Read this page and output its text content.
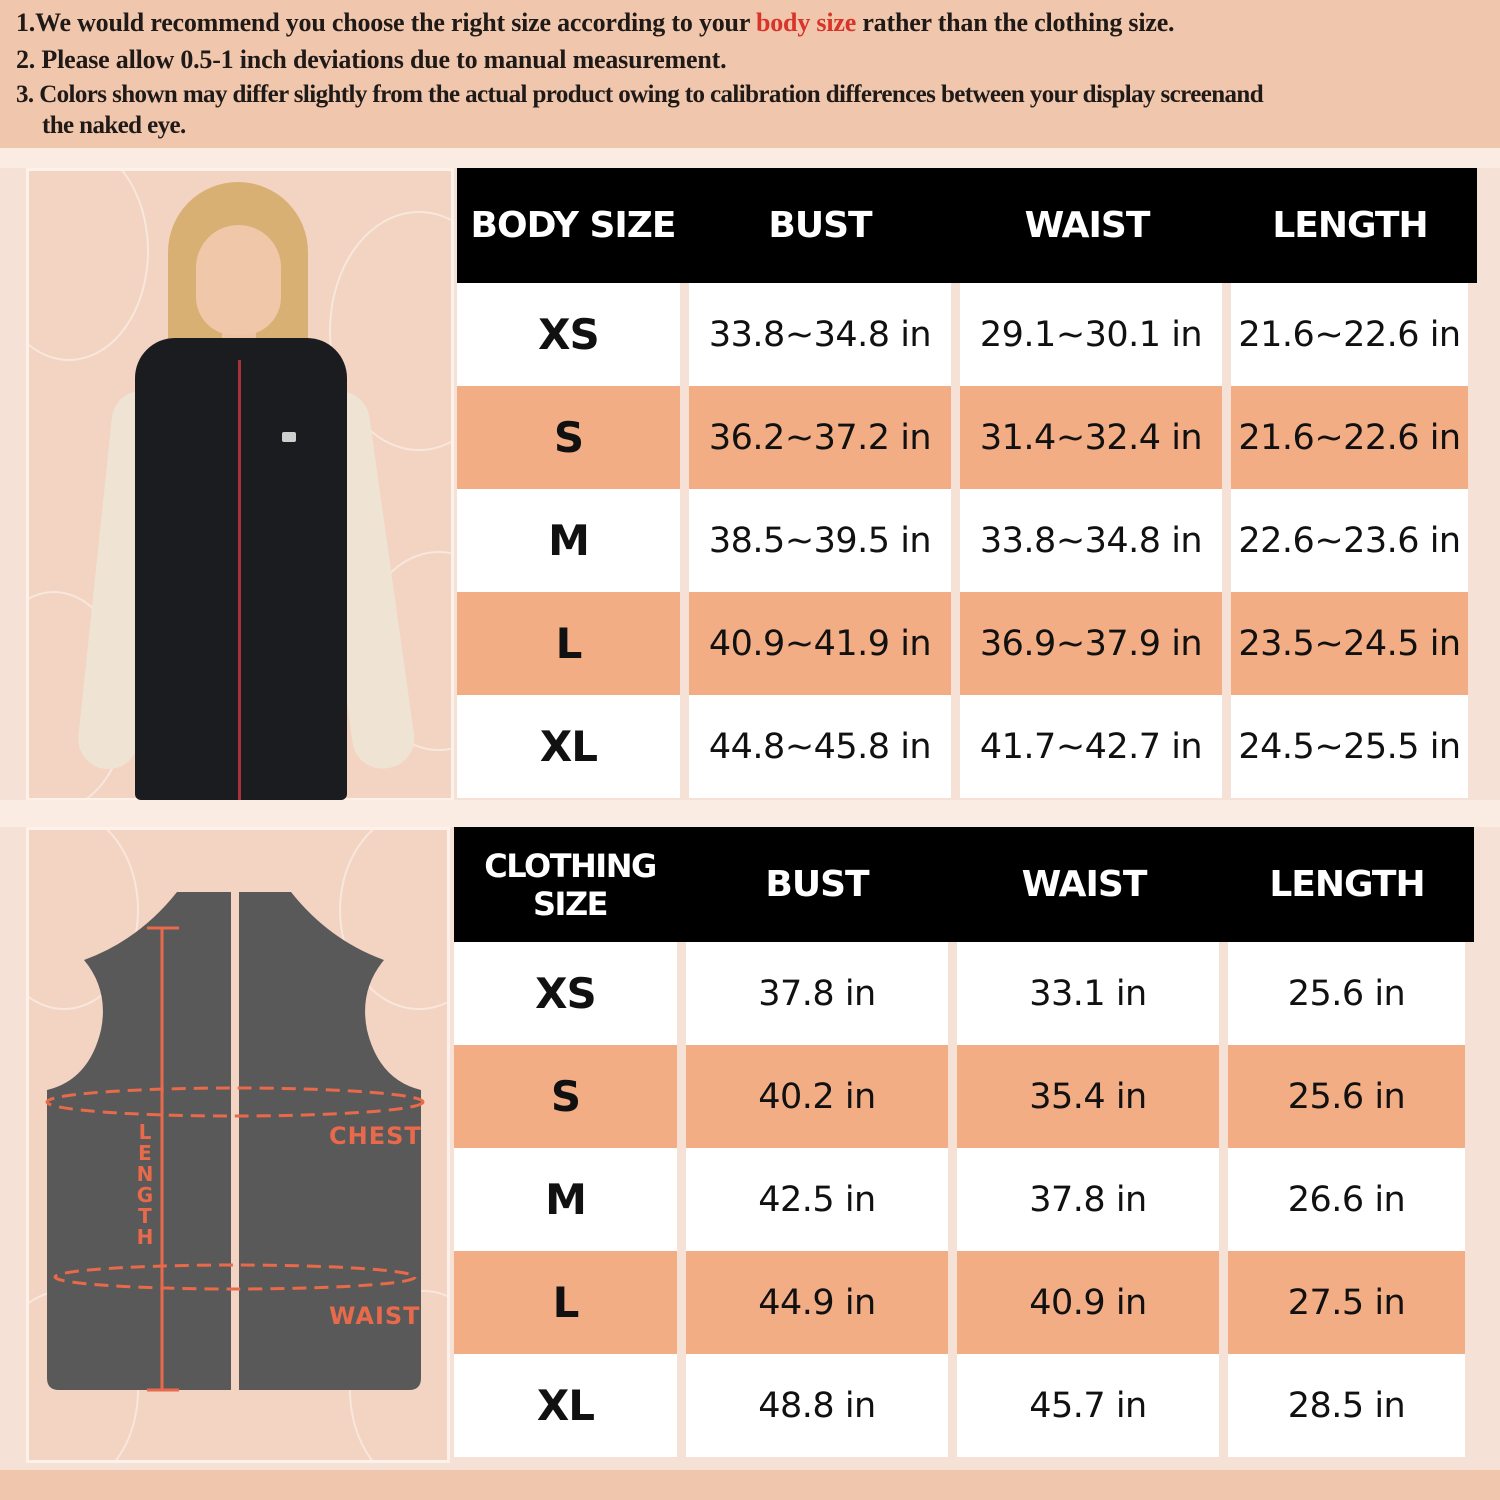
1.We would recommend you choose the right size according to your body size rather than the clothing size.
2. Please allow 0.5-1 inch deviations due to manual measurement.
3. Colors shown may differ slightly from the actual product owing to calibration differences between your display screenand
the naked eye.
BODY SIZE	BUST	WAIST	LENGTH
XS	33.8~34.8 in	29.1~30.1 in	21.6~22.6 in
S	36.2~37.2 in	31.4~32.4 in	21.6~22.6 in
M	38.5~39.5 in	33.8~34.8 in	22.6~23.6 in
L	40.9~41.9 in	36.9~37.9 in	23.5~24.5 in
XL	44.8~45.8 in	41.7~42.7 in	24.5~25.5 in
CHEST
WAIST
LENGTH
CLOTHING SIZE	BUST	WAIST	LENGTH
XS	37.8 in	33.1 in	25.6 in
S	40.2 in	35.4 in	25.6 in
M	42.5 in	37.8 in	26.6 in
L	44.9 in	40.9 in	27.5 in
XL	48.8 in	45.7 in	28.5 in
